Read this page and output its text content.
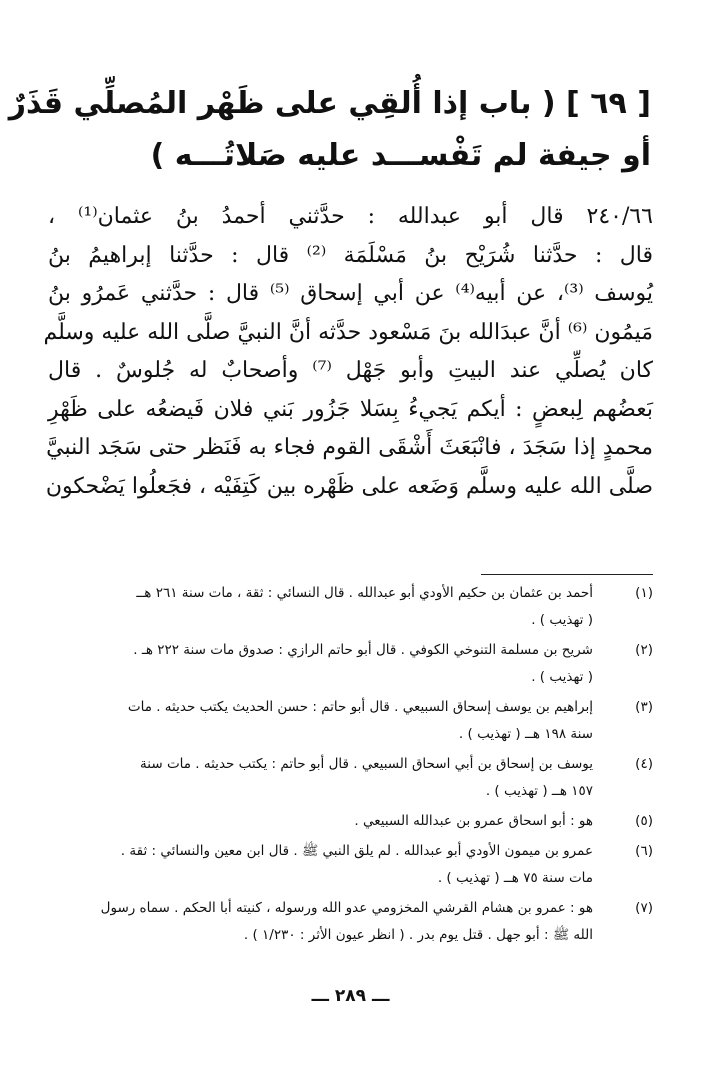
[ ٦٩ ] ( باب إذا أُلقِي على ظَهْر المُصلِّي قَذَرٌ
أو جيفة لم تَفْســـد عليه صَلاتُـــه )
٢٤٠/٦٦ قال أبو عبدالله : حدَّثني أحمدُ بنُ عثمان⁽¹⁾ ،
قال : حدَّثنا شُرَيْح بنُ مَسْلَمَة ⁽²⁾ قال : حدَّثنا إبراهيمُ بنُ
يُوسف ⁽³⁾، عن أبيه⁽⁴⁾ عن أبي إسحاق ⁽⁵⁾ قال : حدَّثني عَمرُو بنُ
مَيمُون ⁽⁶⁾ أنَّ عبدَالله بنَ مَسْعود حدَّثه أنَّ النبيَّ صلَّى الله عليه وسلَّم
كان يُصلِّي عند البيتِ وأبو جَهْل ⁽⁷⁾ وأصحابٌ له جُلوسٌ . قال
بَعضُهم لِبعضٍ : أيكم يَجيءُ بِسَلا جَزُور بَني فلان فَيضعُه على ظَهْرِ
محمدٍ إذا سَجَدَ ، فانْبَعَثَ أَشْقَى القوم فجاء به فَنَظر حتى سَجَد النبيَّ
صلَّى الله عليه وسلَّم وَضَعه على ظَهْره بين كَتِفَيْه ، فجَعلُوا يَضْحكون
(١)
أحمد بن عثمان بن حكيم الأودي أبو عبدالله . قال النسائي : ثقة ، مات سنة ٢٦١ هــ
( تهذيب ) .
(٢)
شريح بن مسلمة التنوخي الكوفي . قال أبو حاتم الرازي : صدوق مات سنة ٢٢٢ هـ .
( تهذيب ) .
(٣)
إبراهيم بن يوسف إسحاق السبيعي . قال أبو حاتم : حسن الحديث يكتب حديثه . مات
سنة ١٩٨ هــ ( تهذيب ) .
(٤)
يوسف بن إسحاق بن أبي اسحاق السبيعي . قال أبو حاتم : يكتب حديثه . مات سنة
١٥٧ هــ ( تهذيب ) .
(٥)
هو : أبو اسحاق عمرو بن عبدالله السبيعي .
(٦)
عمرو بن ميمون الأودي أبو عبدالله . لم يلق النبي ﷺ . قال ابن معين والنسائي : ثقة .
مات سنة ٧٥ هــ ( تهذيب ) .
(٧)
هو : عمرو بن هشام القرشي المخزومي عدو الله ورسوله ، كنيته أبا الحكم . سماه رسول
الله ﷺ : أبو جهل . قتل يوم بدر . ( انظر عيون الأثر : ١/٢٣٠ ) .
ـــ ٢٨٩ ـــ
